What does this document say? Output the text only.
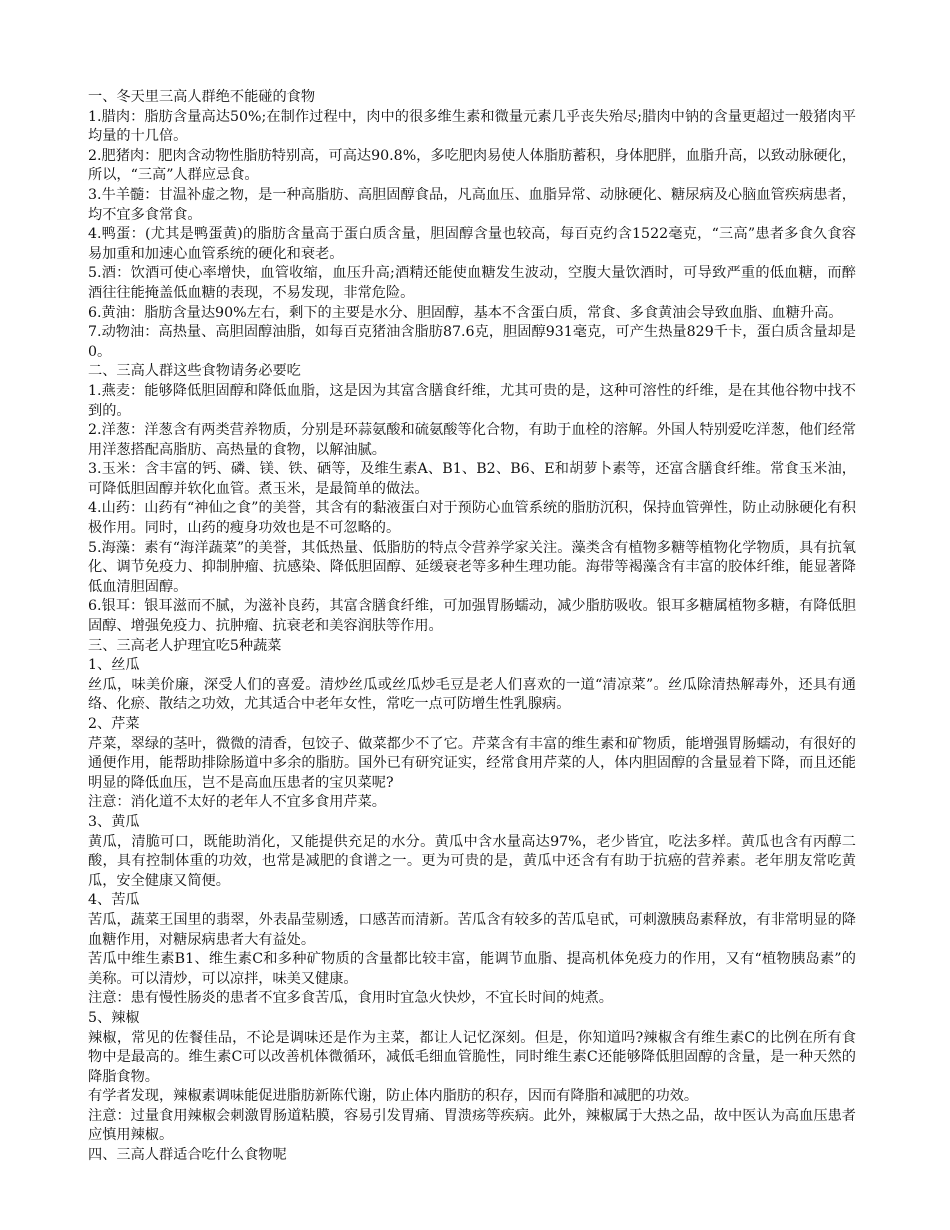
一、冬天里三高人群绝不能碰的食物

1.腊肉：脂肪含量高达50%;在制作过程中，肉中的很多维生素和微量元素几乎丧失殆尽;腊肉中钠的含量更超过一般猪肉平均量的十几倍。

2.肥猪肉：肥肉含动物性脂肪特别高，可高达90.8%，多吃肥肉易使人体脂肪蓄积，身体肥胖，血脂升高，以致动脉硬化，所以，“三高”人群应忌食。

3.牛羊髓：甘温补虚之物，是一种高脂肪、高胆固醇食品，凡高血压、血脂异常、动脉硬化、糖尿病及心脑血管疾病患者，均不宜多食常食。

4.鸭蛋：(尤其是鸭蛋黄)的脂肪含量高于蛋白质含量，胆固醇含量也较高，每百克约含1522毫克，“三高”患者多食久食容易加重和加速心血管系统的硬化和衰老。

5.酒：饮酒可使心率增快，血管收缩，血压升高;酒精还能使血糖发生波动，空腹大量饮酒时，可导致严重的低血糖，而醉酒往往能掩盖低血糖的表现，不易发现，非常危险。

6.黄油：脂肪含量达90%左右，剩下的主要是水分、胆固醇，基本不含蛋白质，常食、多食黄油会导致血脂、血糖升高。

7.动物油：高热量、高胆固醇油脂，如每百克猪油含脂肪87.6克，胆固醇931毫克，可产生热量829千卡，蛋白质含量却是0。

二、三高人群这些食物请务必要吃

1.燕麦：能够降低胆固醇和降低血脂，这是因为其富含膳食纤维，尤其可贵的是，这种可溶性的纤维，是在其他谷物中找不到的。

2.洋葱：洋葱含有两类营养物质，分别是环蒜氨酸和硫氨酸等化合物，有助于血栓的溶解。外国人特别爱吃洋葱，他们经常用洋葱搭配高脂肪、高热量的食物，以解油腻。

3.玉米：含丰富的钙、磷、镁、铁、硒等，及维生素A、B1、B2、B6、E和胡萝卜素等，还富含膳食纤维。常食玉米油，可降低胆固醇并软化血管。煮玉米，是最简单的做法。

4.山药：山药有“神仙之食”的美誉，其含有的黏液蛋白对于预防心血管系统的脂肪沉积，保持血管弹性，防止动脉硬化有积极作用。同时，山药的瘦身功效也是不可忽略的。

5.海藻：素有“海洋蔬菜”的美誉，其低热量、低脂肪的特点令营养学家关注。藻类含有植物多糖等植物化学物质，具有抗氧化、调节免疫力、抑制肿瘤、抗感染、降低胆固醇、延缓衰老等多种生理功能。海带等褐藻含有丰富的胶体纤维，能显著降低血清胆固醇。

6.银耳：银耳滋而不腻，为滋补良药，其富含膳食纤维，可加强胃肠蠕动，减少脂肪吸收。银耳多糖属植物多糖，有降低胆固醇、增强免疫力、抗肿瘤、抗衰老和美容润肤等作用。

三、三高老人护理宜吃5种蔬菜

1、丝瓜

丝瓜，味美价廉，深受人们的喜爱。清炒丝瓜或丝瓜炒毛豆是老人们喜欢的一道“清凉菜”。丝瓜除清热解毒外，还具有通络、化瘀、散结之功效，尤其适合中老年女性，常吃一点可防增生性乳腺病。

2、芹菜

芹菜，翠绿的茎叶，微微的清香，包饺子、做菜都少不了它。芹菜含有丰富的维生素和矿物质，能增强胃肠蠕动，有很好的通便作用，能帮助排除肠道中多余的脂肪。国外已有研究证实，经常食用芹菜的人，体内胆固醇的含量显着下降，而且还能明显的降低血压，岂不是高血压患者的宝贝菜呢?

注意：消化道不太好的老年人不宜多食用芹菜。

3、黄瓜

黄瓜，清脆可口，既能助消化，又能提供充足的水分。黄瓜中含水量高达97%，老少皆宜，吃法多样。黄瓜也含有丙醇二酸，具有控制体重的功效，也常是减肥的食谱之一。更为可贵的是，黄瓜中还含有有助于抗癌的营养素。老年朋友常吃黄瓜，安全健康又简便。

4、苦瓜

苦瓜，蔬菜王国里的翡翠，外表晶莹剔透，口感苦而清新。苦瓜含有较多的苦瓜皂甙，可刺激胰岛素释放，有非常明显的降血糖作用，对糖尿病患者大有益处。

苦瓜中维生素B1、维生素C和多种矿物质的含量都比较丰富，能调节血脂、提高机体免疫力的作用，又有“植物胰岛素”的美称。可以清炒，可以凉拌，味美又健康。

注意：患有慢性肠炎的患者不宜多食苦瓜，食用时宜急火快炒，不宜长时间的炖煮。

5、辣椒

辣椒，常见的佐餐佳品，不论是调味还是作为主菜，都让人记忆深刻。但是，你知道吗?辣椒含有维生素C的比例在所有食物中是最高的。维生素C可以改善机体微循环，减低毛细血管脆性，同时维生素C还能够降低胆固醇的含量，是一种天然的降脂食物。

有学者发现，辣椒素调味能促进脂肪新陈代谢，防止体内脂肪的积存，因而有降脂和减肥的功效。

注意：过量食用辣椒会刺激胃肠道粘膜，容易引发胃痛、胃溃疡等疾病。此外，辣椒属于大热之品，故中医认为高血压患者应慎用辣椒。

四、三高人群适合吃什么食物呢
